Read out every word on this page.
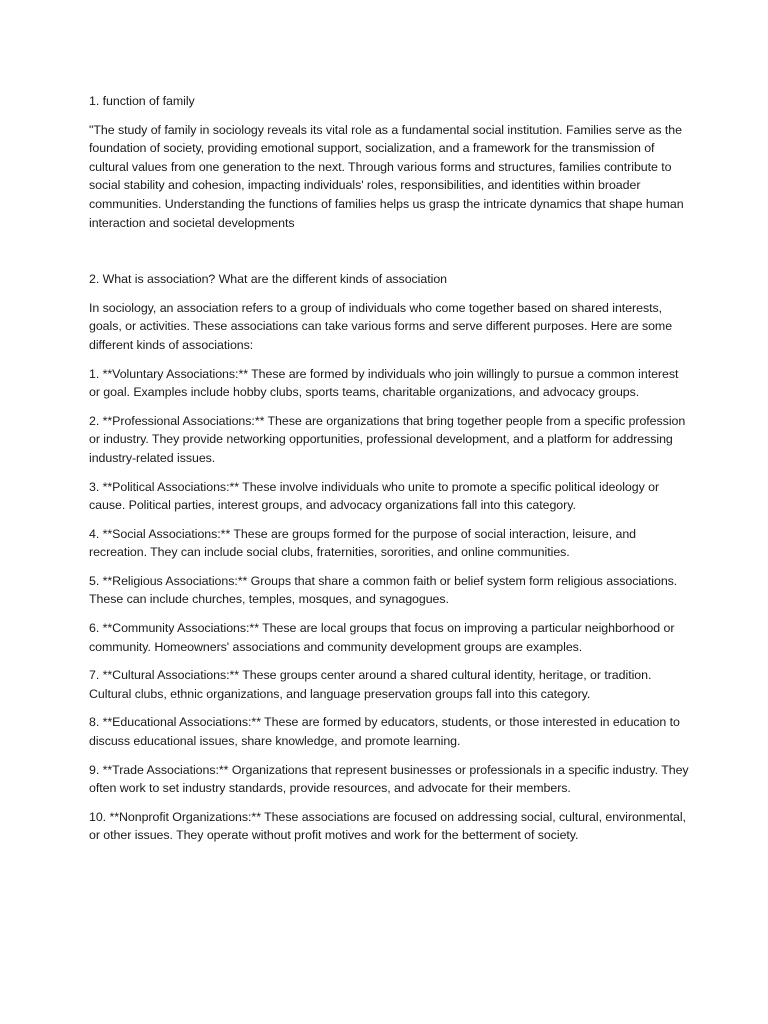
1. function of family
"The study of family in sociology reveals its vital role as a fundamental social institution. Families serve as the foundation of society, providing emotional support, socialization, and a framework for the transmission of cultural values from one generation to the next. Through various forms and structures, families contribute to social stability and cohesion, impacting individuals' roles, responsibilities, and identities within broader communities. Understanding the functions of families helps us grasp the intricate dynamics that shape human interaction and societal developments
2. What is association? What are the different kinds of association
In sociology, an association refers to a group of individuals who come together based on shared interests, goals, or activities. These associations can take various forms and serve different purposes. Here are some different kinds of associations:
1. **Voluntary Associations:** These are formed by individuals who join willingly to pursue a common interest or goal. Examples include hobby clubs, sports teams, charitable organizations, and advocacy groups.
2. **Professional Associations:** These are organizations that bring together people from a specific profession or industry. They provide networking opportunities, professional development, and a platform for addressing industry-related issues.
3. **Political Associations:** These involve individuals who unite to promote a specific political ideology or cause. Political parties, interest groups, and advocacy organizations fall into this category.
4. **Social Associations:** These are groups formed for the purpose of social interaction, leisure, and recreation. They can include social clubs, fraternities, sororities, and online communities.
5. **Religious Associations:** Groups that share a common faith or belief system form religious associations. These can include churches, temples, mosques, and synagogues.
6. **Community Associations:** These are local groups that focus on improving a particular neighborhood or community. Homeowners' associations and community development groups are examples.
7. **Cultural Associations:** These groups center around a shared cultural identity, heritage, or tradition. Cultural clubs, ethnic organizations, and language preservation groups fall into this category.
8. **Educational Associations:** These are formed by educators, students, or those interested in education to discuss educational issues, share knowledge, and promote learning.
9. **Trade Associations:** Organizations that represent businesses or professionals in a specific industry. They often work to set industry standards, provide resources, and advocate for their members.
10. **Nonprofit Organizations:** These associations are focused on addressing social, cultural, environmental, or other issues. They operate without profit motives and work for the betterment of society.
